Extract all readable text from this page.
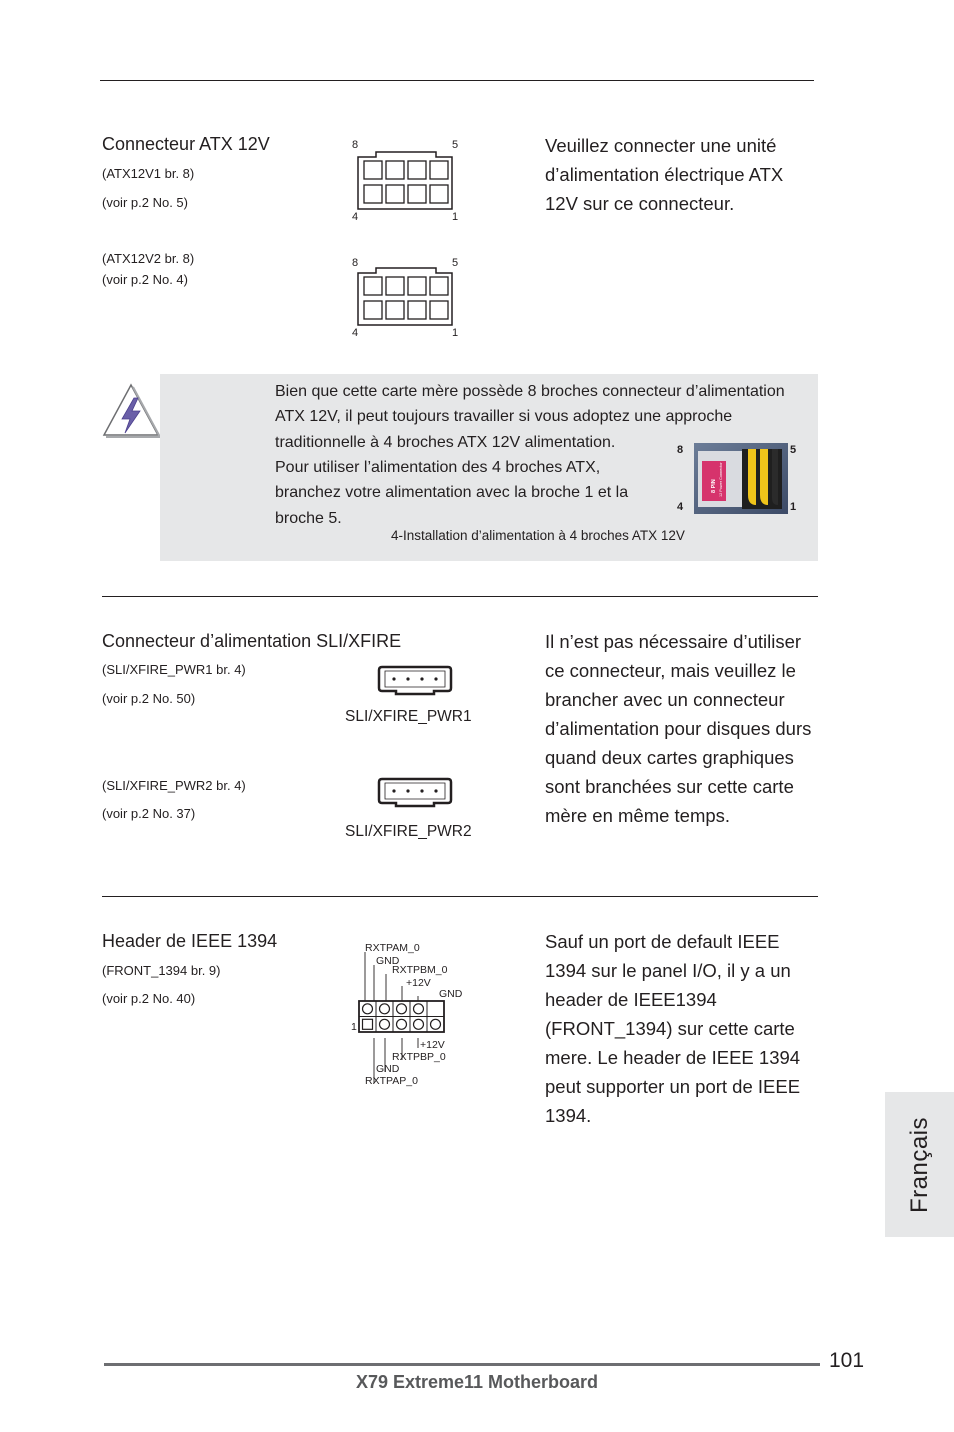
Connecteur ATX 12V
(ATX12V1 br. 8)
(voir p.2 No. 5)
(ATX12V2 br. 8)
(voir p.2 No. 4)
8	5
4	1
8	5
4	1
Veuillez connecter une unité d’alimentation électrique ATX 12V sur ce connecteur.
Bien que cette carte mère possède 8 broches connecteur d’alimentation ATX 12V, il peut toujours travailler si vous adoptez une approche traditionnelle à 4 broches ATX 12V alimentation.
Pour utiliser l’alimentation des 4 broches ATX, branchez votre alimentation avec la broche 1 et la broche 5.
4-Installation d’alimentation à 4 broches ATX 12V
8	5
4	1
8 PIN 12 Power Connector
Connecteur d’alimentation SLI/XFIRE
(SLI/XFIRE_PWR1 br. 4)
(voir p.2 No. 50)
SLI/XFIRE_PWR1
(SLI/XFIRE_PWR2 br. 4)
(voir p.2 No. 37)
SLI/XFIRE_PWR2
Il n’est pas nécessaire d’utiliser ce connecteur, mais veuillez le brancher avec un connecteur d’alimentation pour disques durs quand deux cartes graphiques sont branchées sur cette carte mère en même temps.
Header de IEEE 1394
(FRONT_1394 br. 9)
(voir p.2 No. 40)
RXTPAM_0
GND
RXTPBM_0
+12V
GND
1
+12V
RXTPBP_0
GND
RXTPAP_0
Sauf un port de default IEEE 1394 sur le panel I/O, il y a un header de IEEE1394 (FRONT_1394) sur cette carte mere. Le header de IEEE 1394 peut supporter un port de IEEE 1394.
Français
101
X79 Extreme11 Motherboard
